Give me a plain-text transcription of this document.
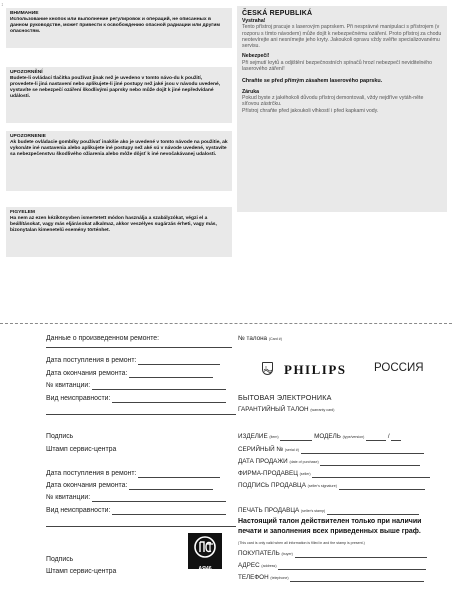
↕
ВНИМАНИЕ
Использование кнопок или выполнение регулировок и операций, не описанных в данном руководстве, может привести к освобождению опасной радиации или другим опасностям.
UPOZORNĚNÍ
Budete-li ovládací tlačítka používat jinak než je uvedeno v tomto návo-du k použití, provedete-li jiná nastavení nebo aplikujete-li jiné postupy než jaké jsou v návodu uvedené, vystavíte se nebezpečí ozáření škodlivými paprsky nebo může dojít k jiné nepředvídané události.
UPOZORNENIE
Ak budete ovládacie gombíky používať inakšie ako je uvedené v tomto návode na použitie, ak vykonáte iné nastavenia alebo aplikujete iné postupy než aké sú v návode uvedené, vystavíte sa nebezpečenstvu škodlivého ožiarenia alebo môže dôjsť k iné nevočakávanej udalosti.
FIGYELEM
Ha nem az ezen kézikönyvben ismertetett módon használja a szabályzókat, végzi el a beállításokat, vagy más eljárásokat alkalmaz, akkor veszélyes sugárzás érheti, vagy más, bizonytalan kimenetelű esemény történhet.
ČESKÁ REPUBLIKÁ
Vystraha!
Tento přístroj pracuje s laserovým paprskem. Při nesprávné manipulaci s přístrojem (v rozporu s tímto návodem) může dojít k nebezpečnému ozáření. Proto přístroj za chodu neotevírejte ani nesnímejte jeho kryty. Jakoukoli opravu vždy svěřte specializovanému servisu.
Nebezpečí!
Při sejmutí krytů a odjištění bezpečnostních spínačů hrozí nebezpečí neviditelného laserového záření!
Chraňte se před přímým zásahem laserového paprsku.
Záruka
Pokud byste z jakéhokoli důvodu přístroj demontovali, vždy nejdříve vytáh-něte síťovou zástrčku.
Přístroj chraňte před jakoukoli vlhkostí i před kapkami vody.
Данные о произведенном ремонте:
Дата поступления в ремонт:
Дата окончания ремонта:
№ квитанции:
Вид неисправности:
Подпись
Штамп сервис-центра
Дата поступления в ремонт:
Дата окончания ремонта:
№ квитанции:
Вид неисправности:
Подпись
Штамп сервис-центра	AЯ46
№ талона (Card #)
PHILIPS РОССИЯ
БЫТОВАЯ ЭЛЕКТРОНИКА
ГАРАНТИЙНЫЙ ТАЛОН (warranty card)
ИЗДЕЛИЕ (item)	МОДЕЛЬ (type/version)	/
СЕРИЙНЫЙ № (serial #)
ДАТА ПРОДАЖИ (date of purchase)
ФИРМА-ПРОДАВЕЦ (seller)
ПОДПИСЬ ПРОДАВЦА (seller's signature)
ПЕЧАТЬ ПРОДАВЦА (seller's stamp)
Настоящий талон действителен только при наличии
печати и заполнения всех приведенных выше граф.
(This card is only valid when all information is filled in and the stamp is present.)
ПОКУПАТЕЛЬ (buyer)
АДРЕС (address)
ТЕЛЕФОН (telephone)
